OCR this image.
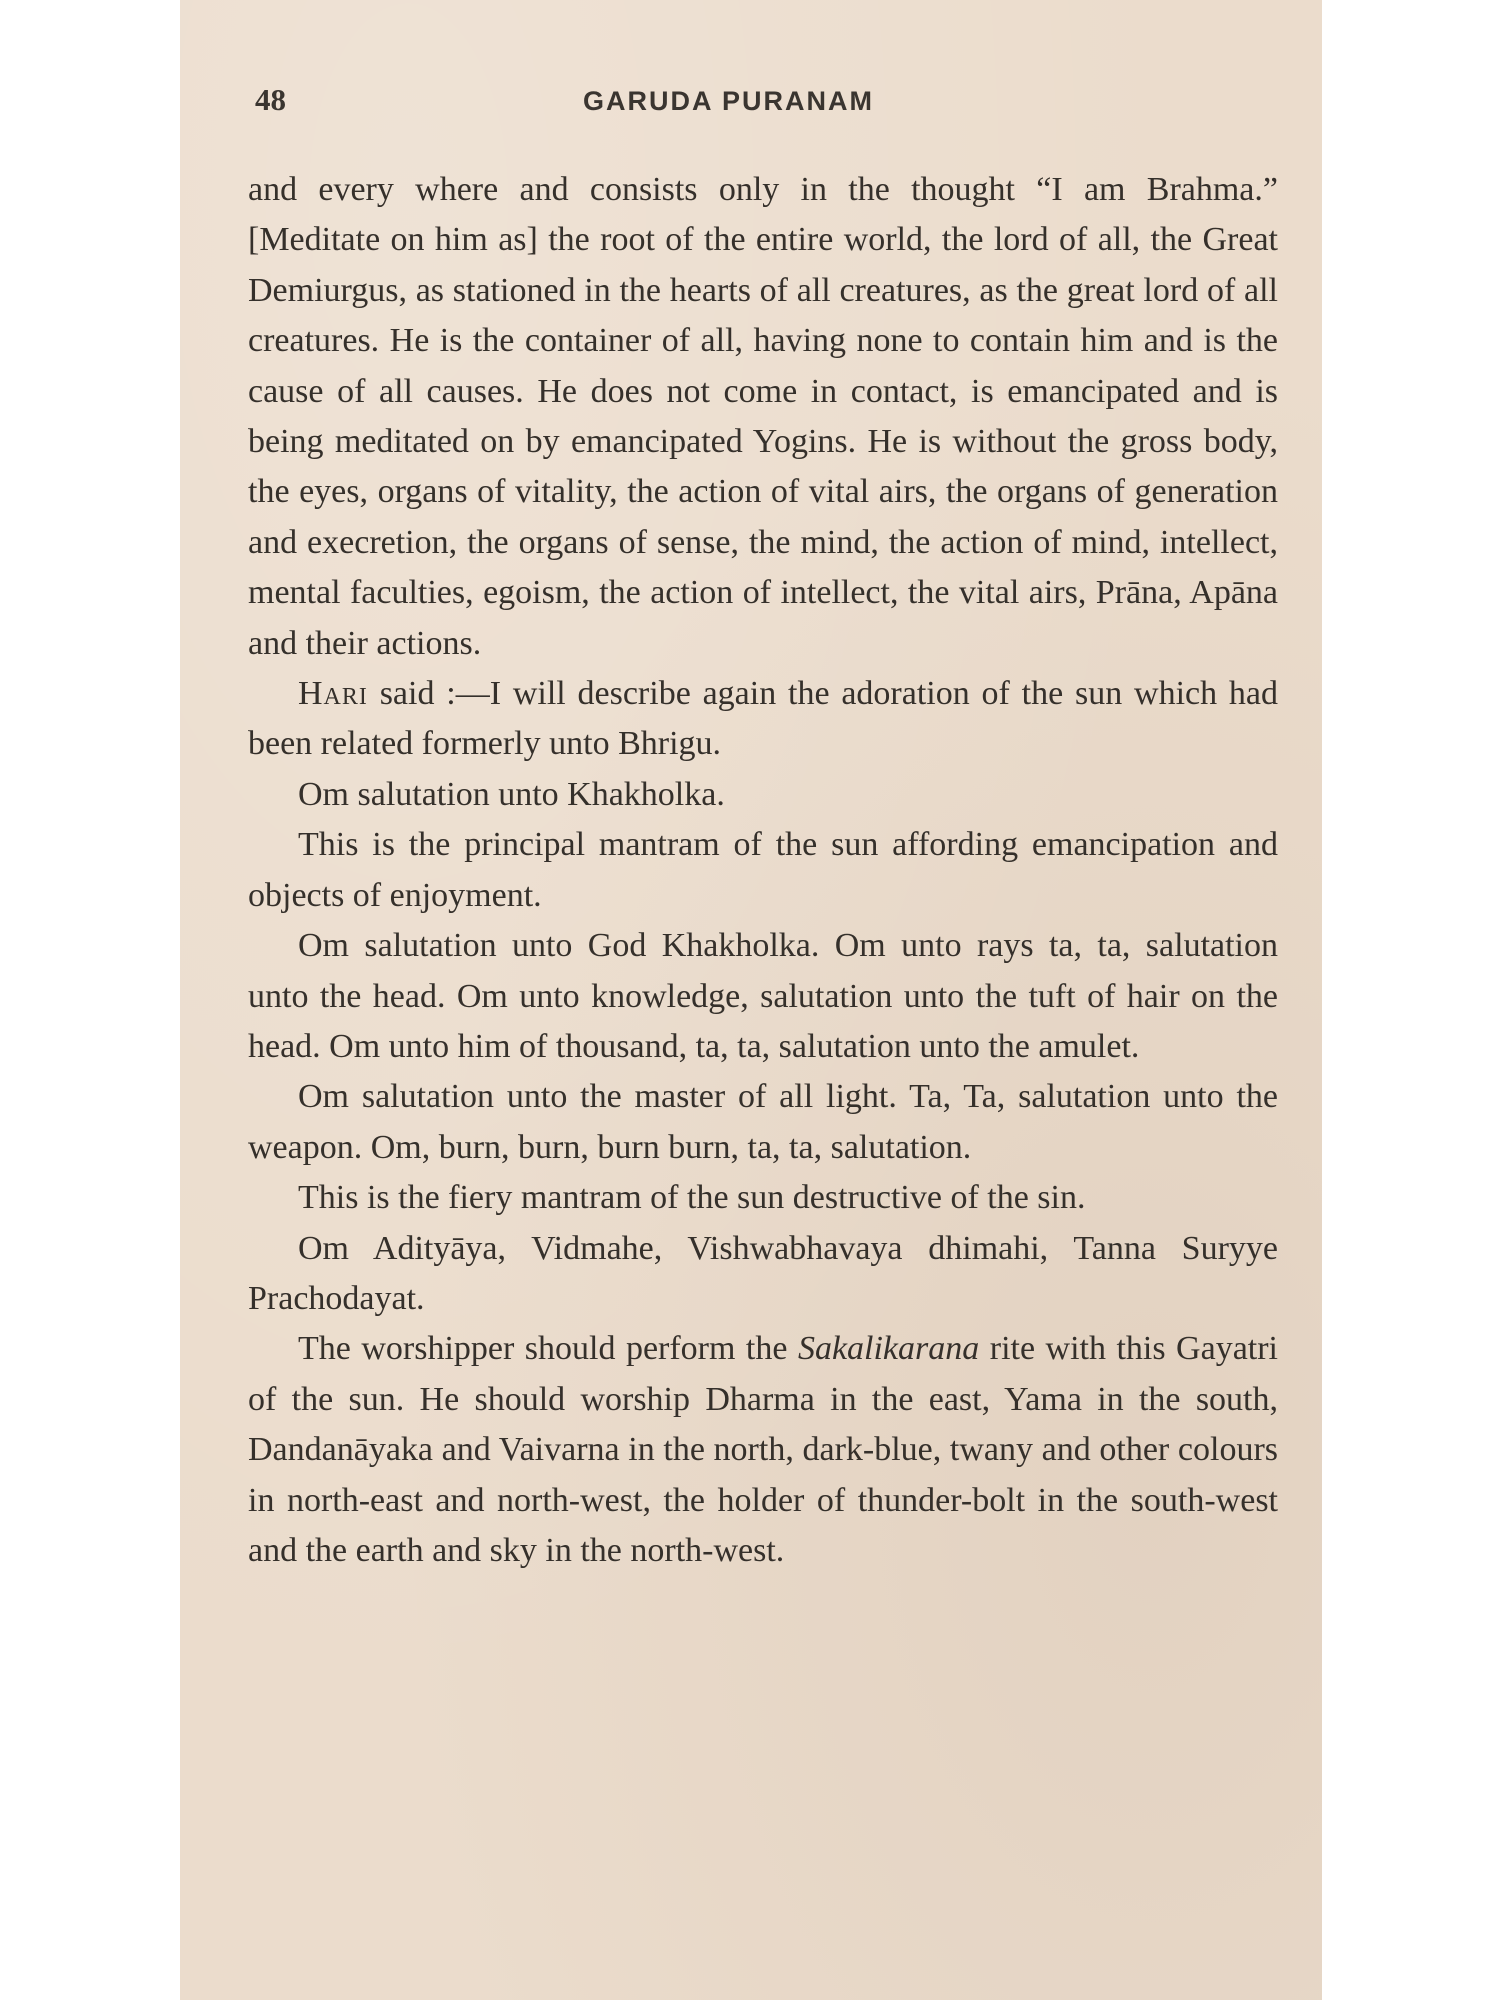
48	GARUDA PURANAM

and every where and consists only in the thought “I am Brahma.” [Meditate on him as] the root of the entire world, the lord of all, the Great Demiurgus, as stationed in the hearts of all creatures, as the great lord of all creatures. He is the container of all, having none to contain him and is the cause of all causes. He does not come in contact, is emancipated and is being meditated on by emancipated Yogins. He is without the gross body, the eyes, organs of vitality, the action of vital airs, the organs of generation and execretion, the organs of sense, the mind, the action of mind, intellect, mental faculties, egoism, the action of intellect, the vital airs, Prāna, Apāna and their actions.

Hari said :—I will describe again the adoration of the sun which had been related formerly unto Bhrigu.

Om salutation unto Khakholka.

This is the principal mantram of the sun affording emancipation and objects of enjoyment.

Om salutation unto God Khakholka. Om unto rays ta, ta, salutation unto the head. Om unto knowledge, salutation unto the tuft of hair on the head. Om unto him of thousand, ta, ta, salutation unto the amulet.

Om salutation unto the master of all light. Ta, Ta, salutation unto the weapon. Om, burn, burn, burn burn, ta, ta, salutation.

This is the fiery mantram of the sun destructive of the sin.

Om Adityāya, Vidmahe, Vishwabhavaya dhimahi, Tanna Suryye Prachodayat.

The worshipper should perform the Sakalikarana rite with this Gayatri of the sun. He should worship Dharma in the east, Yama in the south, Dandanāyaka and Vaivarna in the north, dark-blue, twany and other colours in north-east and north-west, the holder of thunder-bolt in the south-west and the earth and sky in the north-west.
